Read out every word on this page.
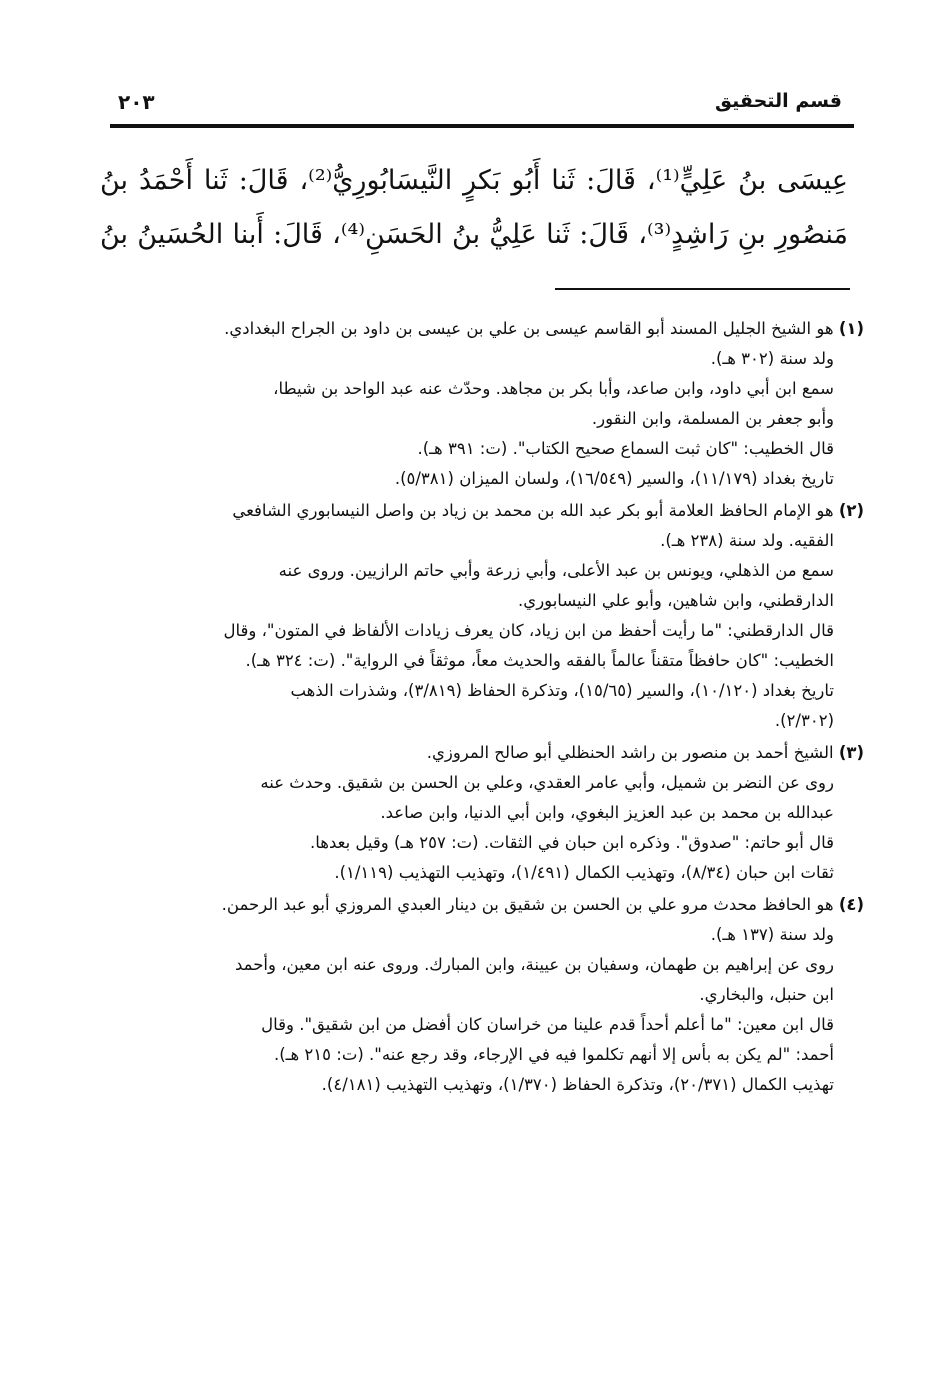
قسم التحقيق
٢٠٣

عِيسَى بنُ عَلِيٍّ⁽¹⁾، قَالَ: ثَنا أَبُو بَكرٍ النَّيسَابُورِيُّ⁽²⁾، قَالَ: ثَنا أَحْمَدُ بنُ

مَنصُورِ بنِ رَاشِدٍ⁽³⁾، قَالَ: ثَنا عَلِيُّ بنُ الحَسَنِ⁽⁴⁾، قَالَ: أَبنا الحُسَينُ بنُ

(١) هو الشيخ الجليل المسند أبو القاسم عيسى بن علي بن عيسى بن داود بن الجراح البغدادي.
ولد سنة (٣٠٢ هـ).
سمع ابن أبي داود، وابن صاعد، وأبا بكر بن مجاهد. وحدّث عنه عبد الواحد بن شيطا،
وأبو جعفر بن المسلمة، وابن النقور.
قال الخطيب: "كان ثبت السماع صحيح الكتاب". (ت: ٣٩١ هـ).
تاريخ بغداد (١١/١٧٩)، والسير (١٦/٥٤٩)، ولسان الميزان (٥/٣٨١).
(٢) هو الإمام الحافظ العلامة أبو بكر عبد الله بن محمد بن زياد بن واصل النيسابوري الشافعي
الفقيه. ولد سنة (٢٣٨ هـ).
سمع من الذهلي، ويونس بن عبد الأعلى، وأبي زرعة وأبي حاتم الرازيين. وروى عنه
الدارقطني، وابن شاهين، وأبو علي النيسابوري.
قال الدارقطني: "ما رأيت أحفظ من ابن زياد، كان يعرف زيادات الألفاظ في المتون"، وقال
الخطيب: "كان حافظاً متقناً عالماً بالفقه والحديث معاً، موثقاً في الرواية". (ت: ٣٢٤ هـ).
تاريخ بغداد (١٠/١٢٠)، والسير (١٥/٦٥)، وتذكرة الحفاظ (٣/٨١٩)، وشذرات الذهب
(٢/٣٠٢).
(٣) الشيخ أحمد بن منصور بن راشد الحنظلي أبو صالح المروزي.
روى عن النضر بن شميل، وأبي عامر العقدي، وعلي بن الحسن بن شقيق. وحدث عنه
عبدالله بن محمد بن عبد العزيز البغوي، وابن أبي الدنيا، وابن صاعد.
قال أبو حاتم: "صدوق". وذكره ابن حبان في الثقات. (ت: ٢٥٧ هـ) وقيل بعدها.
ثقات ابن حبان (٨/٣٤)، وتهذيب الكمال (١/٤٩١)، وتهذيب التهذيب (١/١١٩).
(٤) هو الحافظ محدث مرو علي بن الحسن بن شقيق بن دينار العبدي المروزي أبو عبد الرحمن.
ولد سنة (١٣٧ هـ).
روى عن إبراهيم بن طهمان، وسفيان بن عيينة، وابن المبارك. وروى عنه ابن معين، وأحمد
ابن حنبل، والبخاري.
قال ابن معين: "ما أعلم أحداً قدم علينا من خراسان كان أفضل من ابن شقيق". وقال
أحمد: "لم يكن به بأس إلا أنهم تكلموا فيه في الإرجاء، وقد رجع عنه". (ت: ٢١٥ هـ).
تهذيب الكمال (٢٠/٣٧١)، وتذكرة الحفاظ (١/٣٧٠)، وتهذيب التهذيب (٤/١٨١).
